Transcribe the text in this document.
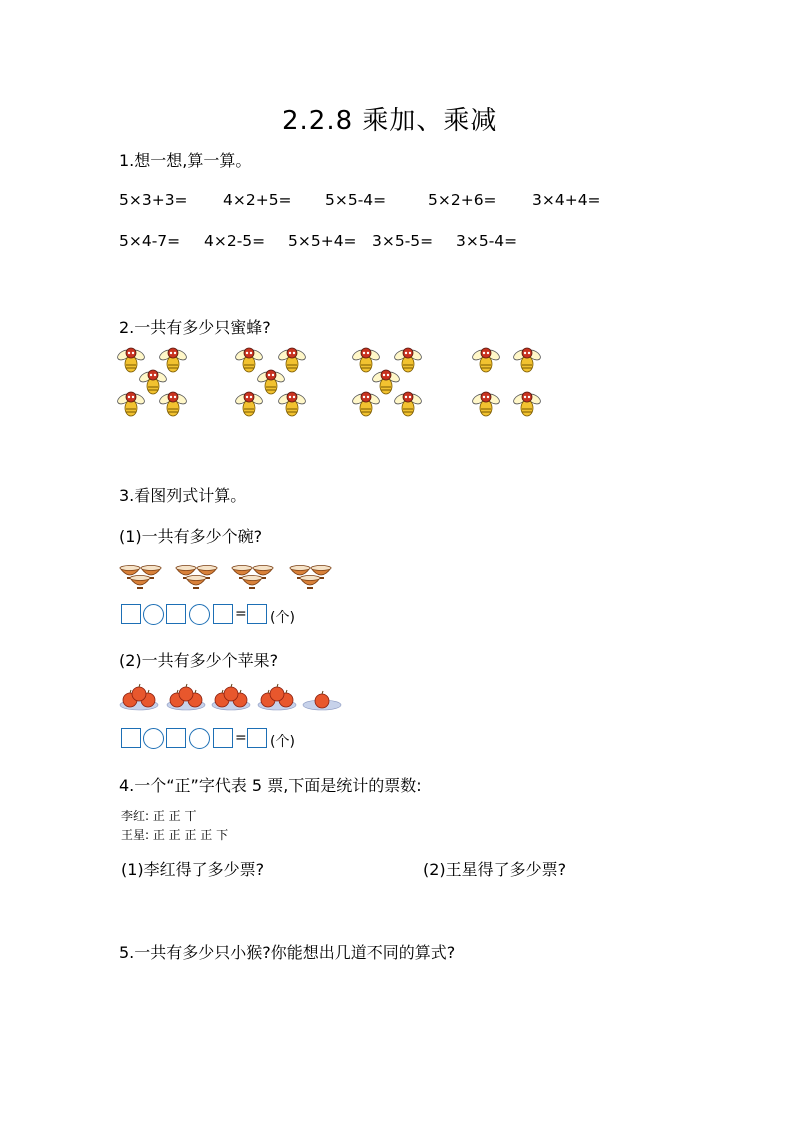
2.2.8 乘加、乘减
1.想一想,算一算。
5×3+3= 4×2+5= 5×5-4=	5×2+6= 3×4+4=
5×4-7= 4×2-5= 5×5+4= 3×5-5= 3×5-4=
2.一共有多少只蜜蜂?
3.看图列式计算。
(1)一共有多少个碗?
= (个)
(2)一共有多少个苹果?
= (个)
4.一个“正”字代表 5 票,下面是统计的票数:
李红: 正 正 丅
王星: 正 正 正 正 下
(1)李红得了多少票?	(2)王星得了多少票?
5.一共有多少只小猴?你能想出几道不同的算式?
